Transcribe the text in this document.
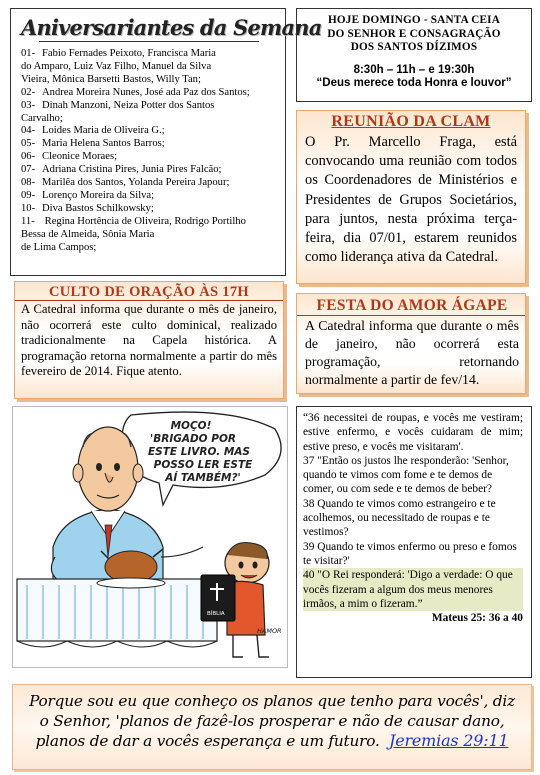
Aniversariantes da Semana
01- Fabio Fernades Peixoto, Francisca Maria
do Amparo, Luiz Vaz Filho, Manuel da Silva
Vieira, Mônica Barsetti Bastos, Willy Tan;
02- Andrea Moreira Nunes, José ada Paz dos Santos;
03- Dinah Manzoni, Neiza Potter dos Santos
Carvalho;
04- Loides Maria de Oliveira G.;
05- Maria Helena Santos Barros;
06- Cleonice Moraes;
07- Adriana Cristina Pires, Junia Pires Falcão;
08- Marilêa dos Santos, Yolanda Pereira Japour;
09- Lorenço Moreira da Silva;
10- Diva Bastos Schilkowsky;
11- Regina Hortência de Oliveira, Rodrigo Portilho
Bessa de Almeida, Sônia Maria
de Lima Campos;
HOJE DOMINGO - SANTA CEIA
DO SENHOR E CONSAGRAÇÃO
DOS SANTOS DÍZIMOS
8:30h – 11h – e 19:30h
“Deus merece toda Honra e louvor”
REUNIÃO DA CLAM

O Pr. Marcello Fraga, está convocando uma reunião com todos os Coordenadores de Ministérios e Presidentes de Grupos Societários, para juntos, nesta próxima terça-feira, dia 07/01, estarem reunidos como liderança ativa da Catedral.

CULTO DE ORAÇÃO ÀS 17H

A Catedral informa que durante o mês de janeiro, não ocorrerá este culto dominical, realizado tradicionalmente na Capela histórica. A programação retorna normalmente a partir do mês fevereiro de 2014. Fique atento.

FESTA DO AMOR ÁGAPE

A Catedral informa que durante o mês de janeiro, não ocorrerá esta programação, retornando normalmente a partir de fev/14.

MOÇO!
'BRIGADO POR
ESTE LIVRO. MAS
POSSO LER ESTE
AÍ TAMBÉM?'
BÍBLIA
HAMOR

“36 necessitei de roupas, e vocês me vestiram; estive enfermo, e vocês cuidaram de mim; estive preso, e vocês me visitaram'.

37 "Então os justos lhe responderão: 'Senhor, quando te vimos com fome e te demos de comer, ou com sede e te demos de beber?

38 Quando te vimos como estrangeiro e te acolhemos, ou necessitado de roupas e te vestimos?

39 Quando te vimos enfermo ou preso e fomos te visitar?'

40 "O Rei responderá: 'Digo a verdade: O que vocês fizeram a algum dos meus menores irmãos, a mim o fizeram.”

Mateus 25: 36 a 40

Porque sou eu que conheço os planos que tenho para vocês', diz o Senhor, 'planos de fazê-los prosperar e não de causar dano, planos de dar a vocês esperança e um futuro. Jeremias 29:11
